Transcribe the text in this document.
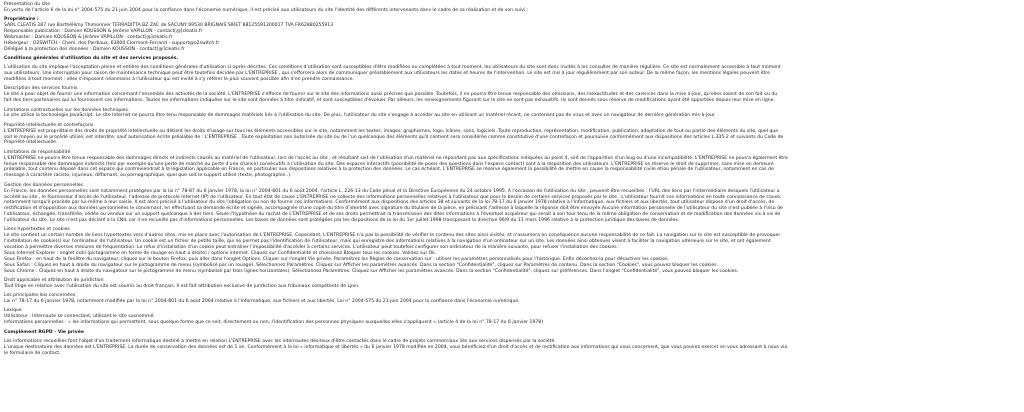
Présentation du site

En vertu de l'article 6 de la loi n° 2004-575 du 21 juin 2004 pour la confiance dans l'économie numérique, il est précisé aux utilisateurs du site l'identité des différents intervenants dans le cadre de sa réalisation et de son suivi :

Propriétaire :

SARL CLEATIS 287 rue Barthélémy Thimonnier TERRADITTA BZ ZAC de SACUNY 69530 BRIGNAIS SIRET 88125591300017 TVA FR62880255913

Responsable publication : Damien KOUSSON & Jérôme VAPILLON - contact[@]cleatis.fr

Webmaster : Damien KOUSSON & Jérôme VAPILLON - contact[@]cleatis.fr

Hébergeur : O2SWITCH - Chem. des Pardiaux, 63000 Clermont-Ferrand - support@o2switch.fr

Délégué à la protection des données : Damien KOUSSON - contact[@]cleatis.fr

Conditions générales d'utilisation du site et des services proposés.

L'utilisation du site implique l'acceptation pleine et entière des conditions générales d'utilisation ci-après décrites. Ces conditions d'utilisation sont susceptibles d'être modifiées ou complétées à tout moment, les utilisateurs du site sont donc invités à les consulter de manière régulière. Ce site est normalement accessible à tout moment

aux utilisateurs. Une interruption pour raison de maintenance technique peut être toutefois décidée par L'ENTREPRISE , qui s'efforcera alors de communiquer préalablement aux utilisateurs les dates et heures de l'intervention. Le site est mis à jour régulièrement par son auteur. De la même façon, les mentions légales peuvent être

modifiées à tout moment : elles s'imposent néanmoins à l'utilisateur qui est invité à s'y référer le plus souvent possible afin d'en prendre connaissance.

Description des services fournis.

Le site a pour objet de fournir une information concernant l'ensemble des activités de la société. L'ENTREPRISE s'efforce de fournir sur le site des informations aussi précises que possible. Toutefois, il ne pourra être tenue responsable des omissions, des inexactitudes et des carences dans la mise à jour, qu'elles soient de son fait ou du

fait des tiers partenaires qui lui fournissent ces informations. Toutes les informations indiquées sur le site sont données à titre indicatif, et sont susceptibles d'évoluer. Par ailleurs, les renseignements figurant sur le site ne sont pas exhaustifs. Ils sont donnés sous réserve de modifications ayant été apportées depuis leur mise en ligne.

Limitations contractuelles sur les données techniques.

Le site utilise la technologie JavaScript. Le site Internet ne pourra être tenu responsable de dommages matériels liés à l'utilisation du site. De plus, l'utilisateur du site s'engage à accéder au site en utilisant un matériel récent, ne contenant pas de virus et avec un navigateur de dernière génération mis-à-jour

Propriété intellectuelle et contrefaçons.

L'ENTREPRISE est propriétaire des droits de propriété intellectuelle ou détient les droits d'usage sur tous les éléments accessibles sur le site, notamment les textes, images, graphismes, logo, icônes, sons, logiciels. Toute reproduction, représentation, modification, publication, adaptation de tout ou partie des éléments du site, quel que

soit le moyen ou le procédé utilisé, est interdite, sauf autorisation écrite préalable de : L'ENTREPRISE . Toute exploitation non autorisée du site ou de l'un quelconque des éléments qu'il contient sera considérée comme constitutive d'une contrefaçon et poursuivie conformément aux dispositions des articles L.335-2 et suivants du Code de

Propriété Intellectuelle.

Limitations de responsabilité

L'ENTREPRISE ne pourra être tenue responsable des dommages directs et indirects causés au matériel de l'utilisateur, lors de l'accès au site , et résultant soit de l'utilisation d'un matériel ne répondant pas aux spécifications indiquées au point 4, soit de l'apparition d'un bug ou d'une incompatibilité. L'ENTREPRISE ne pourra également être

tenue responsable des dommages indirects (tels par exemple qu'une perte de marché ou perte d'une chance) consécutifs à l'utilisation du site. Des espaces interactifs (possibilité de poser des questions dans l'espace contact) sont à la disposition des utilisateurs. L'ENTREPRISE se réserve le droit de supprimer, sans mise en demeure

préalable, tout contenu déposé dans cet espace qui contreviendrait à la législation applicable en France, en particulier aux dispositions relatives à la protection des données. Le cas échéant, L'ENTREPRISE se réserve également la possibilité de mettre en cause la responsabilité civile et/ou pénale de l'utilisateur, notamment en cas de

message à caractère raciste, injurieux, diffamant, ou pornographique, quel que soit le support utilisé (texte, photographie..).

Gestion des données personnelles.

En France, les données personnelles sont notamment protégées par la loi n° 78-87 du 6 janvier 1978, la loi n° 2004-801 du 6 août 2004, l'article L. 226-13 du Code pénal et la Directive Européenne du 24 octobre 1995. A l'occasion de l'utilisation du site , peuvent être recueillies : l'URL des liens par l'intermédiaire desquels l'utilisateur a

accédé au site , le fournisseur d'accès de l'utilisateur, l'adresse de protocole Internet (IP) de l'utilisateur. En tout état de cause L'ENTREPRISE ne collecte des informations personnelles relatives à l'utilisateur que pour le besoin de certains services proposés par le site . L'utilisateur fournit ces informations en toute connaissance de cause,

notamment lorsqu'il procède par lui-même à leur saisie. Il est alors précisé à l'utilisateur du site l'obligation ou non de fournir ces informations. Conformément aux dispositions des articles 38 et suivants de la loi 78-17 du 6 janvier 1978 relative à l'informatique, aux fichiers et aux libertés, tout utilisateur dispose d'un droit d'accès, de

rectification et d'opposition aux données personnelles le concernant, en effectuant sa demande écrite et signée, accompagnée d'une copie du titre d'identité avec signature du titulaire de la pièce, en précisant l'adresse à laquelle la réponse doit être envoyée.Aucune information personnelle de l'utilisateur du site n'est publiée à l'insu de

l'utilisateur, échangée, transférée, cédée ou vendue sur un support quelconque à des tiers. Seule l'hypothèse du rachat de L'ENTREPRISE et de ses droits permettrait la transmission des dites informations à l'éventuel acquéreur qui serait à son tour tenu de la même obligation de conservation et de modification des données vis à vis de

l'utilisateur du site. Le site n'est pas déclaré à la CNIL car il ne recueille pas d'informations personnelles. Les bases de données sont protégées par les dispositions de la loi du 1er juillet 1998 transposant la directive 96/9 du 11 mars 1996 relative à la protection juridique des bases de données.

Liens hypertextes et cookies

Le site contient un certain nombre de liens hypertextes vers d'autres sites, mis en place avec l'autorisation de L'ENTREPRISE. Cependant, L'ENTREPRISE n'a pas la possibilité de vérifier le contenu des sites ainsi visités, et n'assumera en conséquence aucune responsabilité de ce fait. La navigation sur le site est susceptible de provoquer

l'installation de cookie(s) sur l'ordinateur de l'utilisateur. Un cookie est un fichier de petite taille, qui ne permet pas l'identification de l'utilisateur, mais qui enregistre des informations relatives à la navigation d'un ordinateur sur un site. Les données ainsi obtenues visent à faciliter la navigation ultérieure sur le site, et ont également

vocation à permettre diverses mesures de fréquentation. Le refus d'installation d'un cookie peut entraîner l'impossibilité d'accéder à certains services. L'utilisateur peut toutefois configurer son ordinateur de la manière suivante, pour refuser l'installation des cookies :

Sous Internet Explorer : onglet outil (pictogramme en forme de rouage en haut a droite) / options internet. Cliquez sur Confidentialité et choisissez Bloquer tous les cookies. Validez sur Ok.

Sous Firefox : en haut de la fenêtre du navigateur, cliquez sur le bouton Firefox, puis aller dans l'onglet Options. Cliquer sur l'onglet Vie privée. Paramétrez les Règles de conservation sur : utiliser les paramètres personnalisés pour l'historique. Enfin décochez-la pour désactiver les cookies.

Sous Safari : Cliquez en haut à droite du navigateur sur le pictogramme de menu (symbolisé par un rouage). Sélectionnez Paramètres. Cliquez sur Afficher les paramètres avancés. Dans la section "Confidentialité", cliquez sur Paramètres de contenu. Dans la section "Cookies", vous pouvez bloquer les cookies.

Sous Chrome : Cliquez en haut à droite du navigateur sur le pictogramme de menu (symbolisé par trois lignes horizontales). Sélectionnez Paramètres. Cliquez sur Afficher les paramètres avancés. Dans la section "Confidentialité", cliquez sur préférences. Dans l'onglet "Confidentialité", vous pouvez bloquer les cookies.

Droit applicable et attribution de juridiction

Tout litige en relation avec l'utilisation du site est soumis au droit français. Il est fait attribution exclusive de juridiction aux tribunaux compétents de Lyon.

Les principales lois concernées

Loi n° 78-17 du 6 janvier 1978, notamment modifiée par la loi n° 2004-801 du 6 août 2004 relative à l'informatique, aux fichiers et aux libertés. Loi n° 2004-575 du 21 juin 2004 pour la confiance dans l'économie numérique.

Lexique

Utilisateur : Internaute se connectant, utilisant le site susnommé.

Informations personnelles : « les informations qui permettent, sous quelque forme que ce soit, directement ou non, l'identification des personnes physiques auxquelles elles s'appliquent » (article 4 de la loi n° 78-17 du 6 janvier 1978)

Complément RGPD - Vie privée

Les informations recueillies font l'objet d'un traitement informatique destiné à mettre en relation L'ENTREPRISE avec les internautes désireux d'être contactés dans le cadre de projets commerciaux liés aux services dispensés par la société.

L'unique destinataire des données est L'ENTREPRISE. La durée de conservation des données est de 1 an. Conformément à la loi « informatique et libertés » du 6 janvier 1978 modifiée en 2004, vous bénéficiez d'un droit d'accès et de rectification aux informations qui vous concernent, que vous pouvez exercer en vous adressant à nous via

le formulaire de contact.
